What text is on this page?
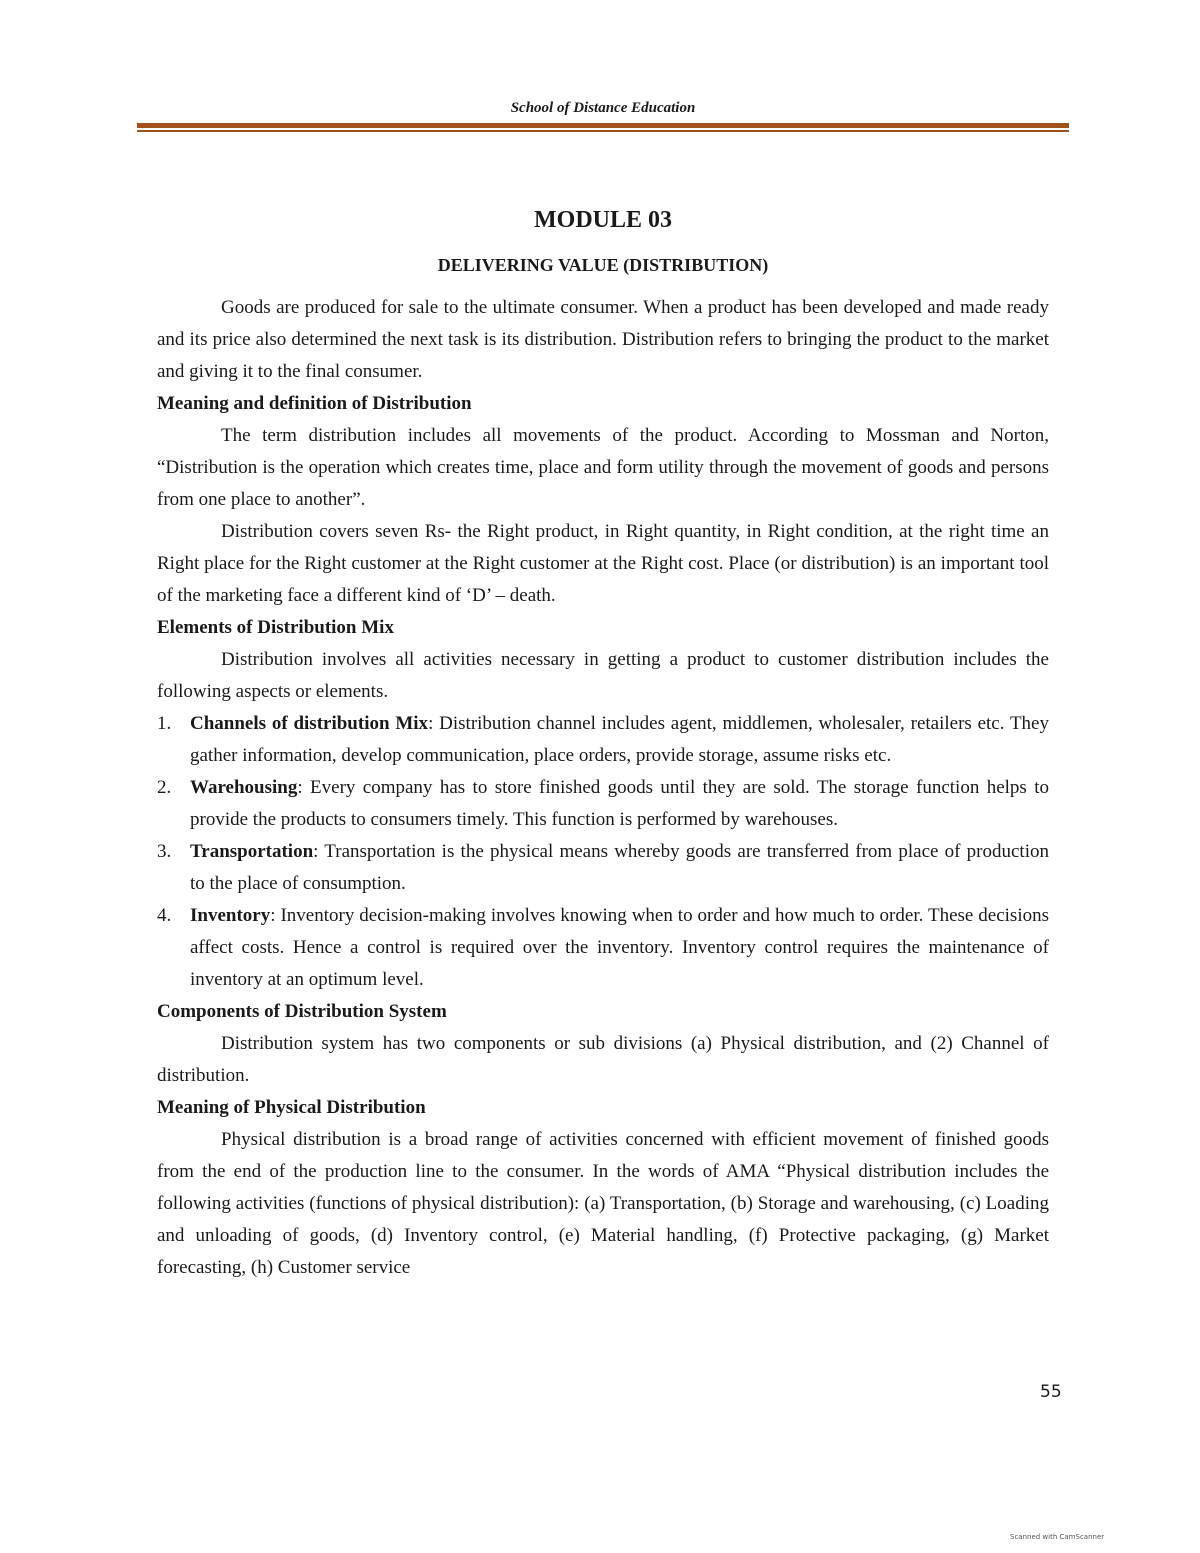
School of Distance Education
MODULE 03
DELIVERING VALUE (DISTRIBUTION)

Goods are produced for sale to the ultimate consumer. When a product has been developed and made ready and its price also determined the next task is its distribution. Distribution refers to bringing the product to the market and giving it to the final consumer.

Meaning and definition of Distribution

The term distribution includes all movements of the product. According to Mossman and Norton, “Distribution is the operation which creates time, place and form utility through the movement of goods and persons from one place to another”.

Distribution covers seven Rs- the Right product, in Right quantity, in Right condition, at the right time an Right place for the Right customer at the Right customer at the Right cost. Place (or distribution) is an important tool of the marketing face a different kind of ‘D’ – death.

Elements of Distribution Mix

Distribution involves all activities necessary in getting a product to customer distribution includes the following aspects or elements.

1. Channels of distribution Mix: Distribution channel includes agent, middlemen, wholesaler, retailers etc. They gather information, develop communication, place orders, provide storage, assume risks etc.
2. Warehousing: Every company has to store finished goods until they are sold. The storage function helps to provide the products to consumers timely. This function is performed by warehouses.
3. Transportation: Transportation is the physical means whereby goods are transferred from place of production to the place of consumption.
4. Inventory: Inventory decision-making involves knowing when to order and how much to order. These decisions affect costs. Hence a control is required over the inventory. Inventory control requires the maintenance of inventory at an optimum level.

Components of Distribution System

Distribution system has two components or sub divisions (a) Physical distribution, and (2) Channel of distribution.

Meaning of Physical Distribution

Physical distribution is a broad range of activities concerned with efficient movement of finished goods from the end of the production line to the consumer. In the words of AMA “Physical distribution includes the following activities (functions of physical distribution): (a) Transportation, (b) Storage and warehousing, (c) Loading and unloading of goods, (d) Inventory control, (e) Material handling, (f) Protective packaging, (g) Market forecasting, (h) Customer service

55
Scanned with CamScanner
